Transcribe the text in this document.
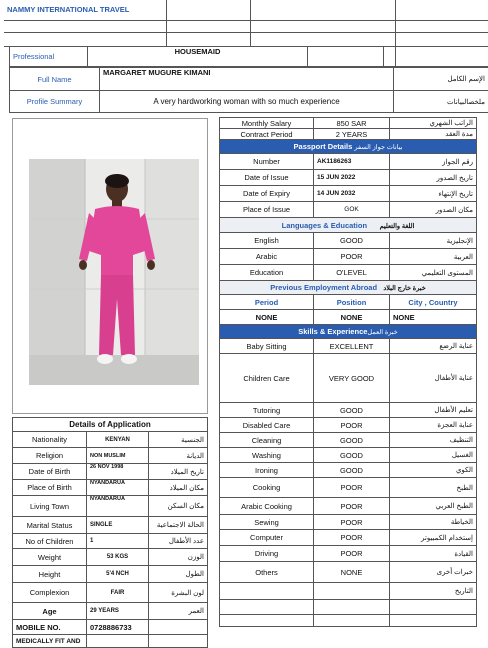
NAMMY INTERNATIONAL TRAVEL			

Professional	HOUSEMAID			
Full Name	MARGARET MUGURE KIMANI	الإسم الكامل
Profile Summary	A very hardworking woman with so much experience	ملخصالبيانات
Monthly Salary	850 SAR	الراتب الشهري
Contract Period	2 YEARS	مدة العقد
Passport Details بيانات جواز السفر		
Number	AK1186263	رقم الجواز
Date of Issue	15 JUN 2022	تاريخ الصدور
Date of Expiry	14 JUN 2032	تاريخ الإنتهاء
Place of Issue	GOK	مكان الصدور
Languages & Education اللغة والتعليم		
English	GOOD	الإنجليزية
Arabic	POOR	العربية
Education	O'LEVEL	المستوى التعليمي
Previous Employment Abroad خبرة خارج البلاد		
Period	Position	City , Country
NONE	NONE	NONE
Skills & Experienceخبرة العمل		
Baby Sitting	EXCELLENT	عناية الرضع
Children Care	VERY GOOD	عناية الأطفال
Tutoring	GOOD	تعليم الأطفال
Disabled Care	POOR	عناية العجزة
Cleaning	GOOD	التنظيف
Washing	GOOD	الغسيل
Ironing	GOOD	الكوي
Cooking	POOR	الطبخ
Arabic Cooking	POOR	الطبخ العربي
Sewing	POOR	الخياطة
Computer	POOR	إستخدام الكمبيوتر
Driving	POOR	القيادة
Others	NONE	خبرات أخرى
		التاريخ

Details of Application		
Nationality	KENYAN	الجنسية
Religion	NON MUSLIM	الديانة
Date of Birth	26 NOV 1998	تاريخ الميلاد
Place of Birth	NYANDARUA	مكان الميلاد
Living Town	NYANDARUA	مكان السكن
Marital Status	SINGLE	الحالة الاجتماعية
No of Children	1	عدد الأطفال
Weight	53 KGS	الوزن
Height	5'4 NCH	الطول
Complexion	FAIR	لون البشرة
Age	29 YEARS	العمر
MOBILE NO.	0728886733	
MEDICALLY FIT AND		
